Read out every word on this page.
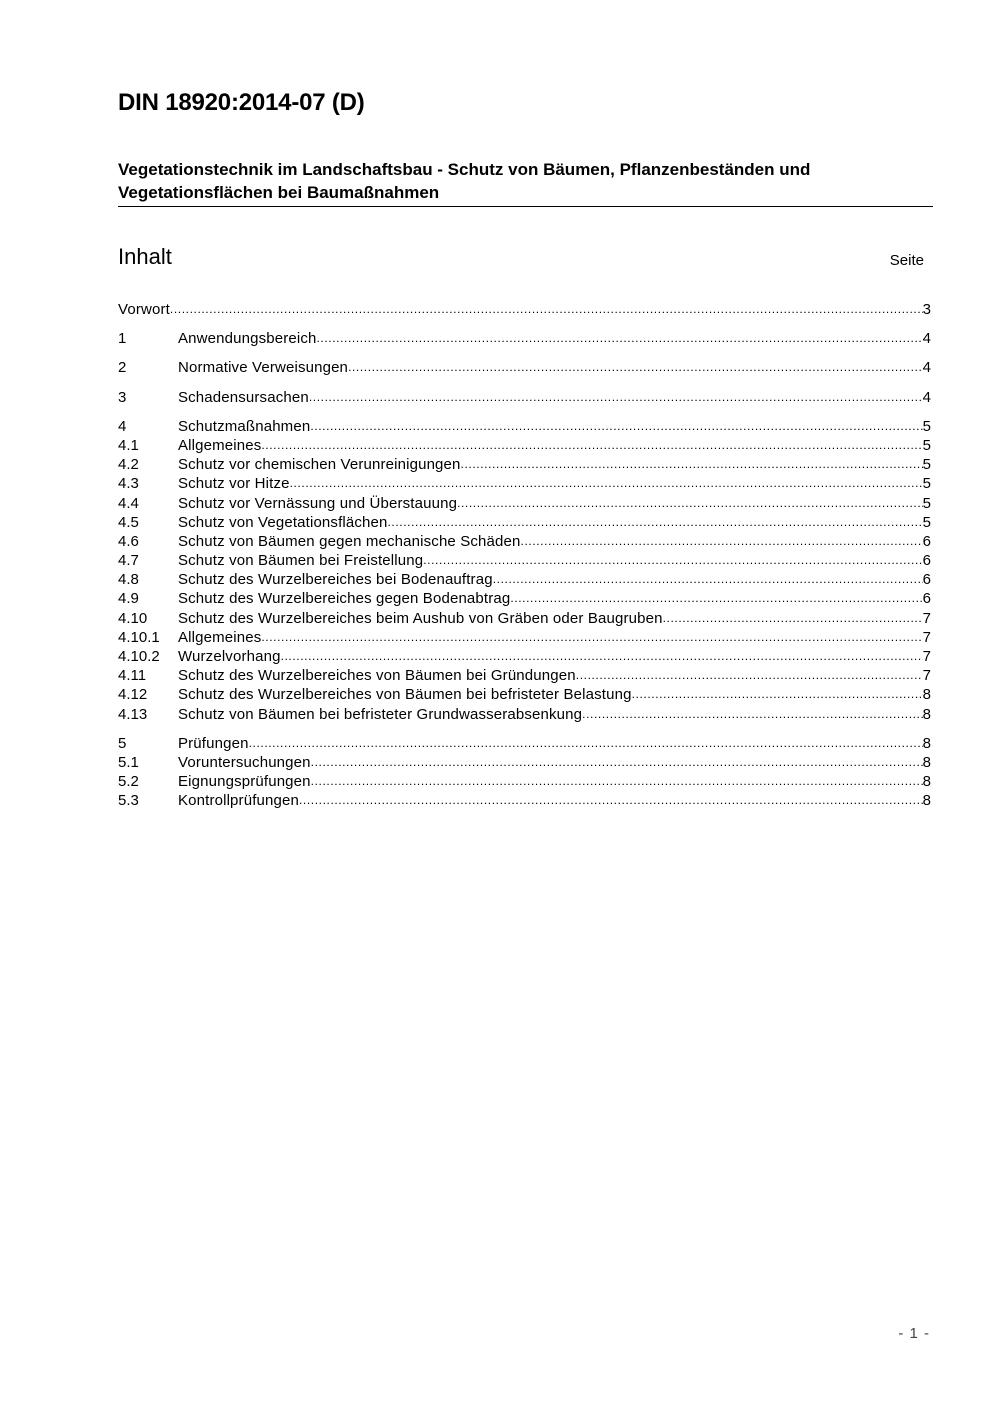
DIN 18920:2014-07 (D)
Vegetationstechnik im Landschaftsbau - Schutz von Bäumen, Pflanzenbeständen und Vegetationsflächen bei Baumaßnahmen
Inhalt	Seite
Vorwort .....	3
1	Anwendungsbereich .....	4
2	Normative Verweisungen .....	4
3	Schadensursachen .....	4
4	Schutzmaßnahmen .....	5
4.1	Allgemeines .....	5
4.2	Schutz vor chemischen Verunreinigungen .....	5
4.3	Schutz vor Hitze .....	5
4.4	Schutz vor Vernässung und Überstauung .....	5
4.5	Schutz von Vegetationsflächen .....	5
4.6	Schutz von Bäumen gegen mechanische Schäden .....	6
4.7	Schutz von Bäumen bei Freistellung .....	6
4.8	Schutz des Wurzelbereiches bei Bodenauftrag .....	6
4.9	Schutz des Wurzelbereiches gegen Bodenabtrag .....	6
4.10 Schutz des Wurzelbereiches beim Aushub von Gräben oder Baugruben .....	7
4.10.1 Allgemeines .....	7
4.10.2 Wurzelvorhang .....	7
4.11 Schutz des Wurzelbereiches von Bäumen bei Gründungen .....	7
4.12 Schutz des Wurzelbereiches von Bäumen bei befristeter Belastung .....	8
4.13 Schutz von Bäumen bei befristeter Grundwasserabsenkung .....	8
5	Prüfungen .....	8
5.1	Voruntersuchungen .....	8
5.2	Eignungsprüfungen .....	8
5.3	Kontrollprüfungen .....	8
- 1 -
